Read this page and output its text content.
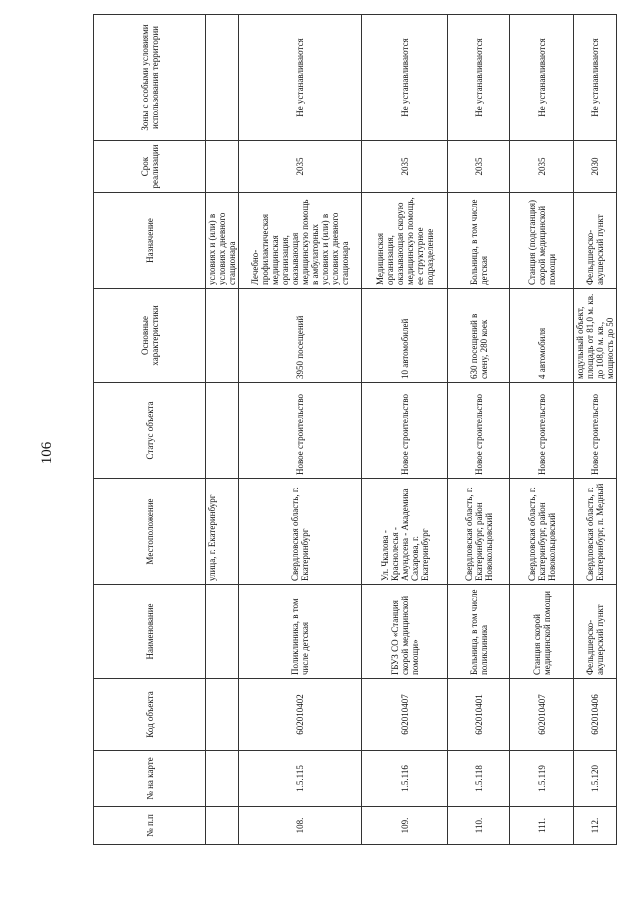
106
№ п.п	№ на карте	Код объекта	Наименование	Местоположение	Статус объекта	Основные характеристики	Назначение	Срок реализации	Зоны с особыми условиями использования территории
				улица, г. Екатеринбург			условиях и (или) в условиях дневного стационара		
108.	1.5.115	602010402	Поликлиника, в том числе детская	Свердловская область, г. Екатеринбург	Новое строительство	3950 посещений	Лечебно-профилактическая медицинская организация, оказывающая медицинскую помощь в амбулаторных условиях и (или) в условиях дневного стационара	2035	Не устанавливаются
109.	1.5.116	602010407	ГБУЗ СО «Станция скорой медицинской помощи»	Ул. Чкалова - Краснолесья - Амундсена - Академика Сахарова, г. Екатеринбург	Новое строительство	10 автомобилей	Медицинская организация, оказывающая скорую медицинскую помощь, ее структурное подразделение	2035	Не устанавливаются
110.	1.5.118	602010401	Больница, в том числе поликлиника	Свердловская область, г. Екатеринбург, район Новокольцовский	Новое строительство	630 посещений в смену, 280 коек	Больница, в том числе детская	2035	Не устанавливаются
111.	1.5.119	602010407	Станция скорой медицинской помощи	Свердловская область, г. Екатеринбург, район Новокольцовский	Новое строительство	4 автомобиля	Станция (подстанция) скорой медицинской помощи	2035	Не устанавливаются
112.	1.5.120	602010406	Фельдшерско-акушерский пункт	Свердловская область, г. Екатеринбург, п. Медный	Новое строительство	модульный объект, площадь от 81,0 м. кв. до 108,0 м. кв., мощность до 50	Фельдшерско-акушерский пункт	2030	Не устанавливаются
